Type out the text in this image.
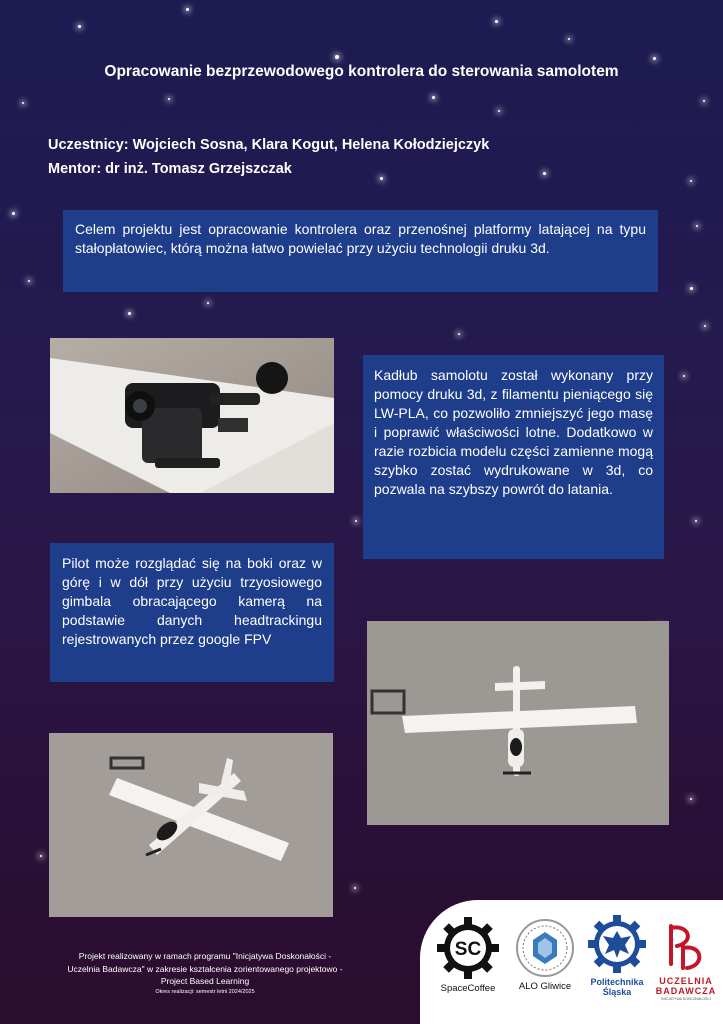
Opracowanie bezprzewodowego kontrolera do sterowania samolotem
Uczestnicy: Wojciech Sosna, Klara Kogut, Helena Kołodziejczyk
Mentor: dr inż. Tomasz Grzejszczak

Celem projektu jest opracowanie kontrolera oraz przenośnej platformy latającej na typu stałopłatowiec, którą można łatwo powielać przy użyciu technologii druku 3d.

Kadłub samolotu został wykonany przy pomocy druku 3d, z filamentu pieniącego się LW-PLA, co pozwoliło zmniejszyć jego masę i poprawić właściwości lotne. Dodatkowo w razie rozbicia modelu części zamienne mogą szybko zostać wydrukowane w 3d, co pozwala na szybszy powrót do latania.

Pilot może rozglądać się na boki oraz w górę i w dół przy użyciu trzyosiowego gimbala obracającego kamerą na podstawie danych headtrackingu rejestrowanych przez google FPV

Projekt realizowany w ramach programu "Inicjatywa Doskonałości -
Uczelnia Badawcza" w zakresie kształcenia zorientowanego projektowo -
Project Based Learning
Okres realizacji: semestr letni 2024/2025
SC
SpaceCoffee	ALO Gliwice	Politechnika
Śląska
UCZELNIA
BADAWCZA
INICJATYWA DOSKONAŁOŚCI
